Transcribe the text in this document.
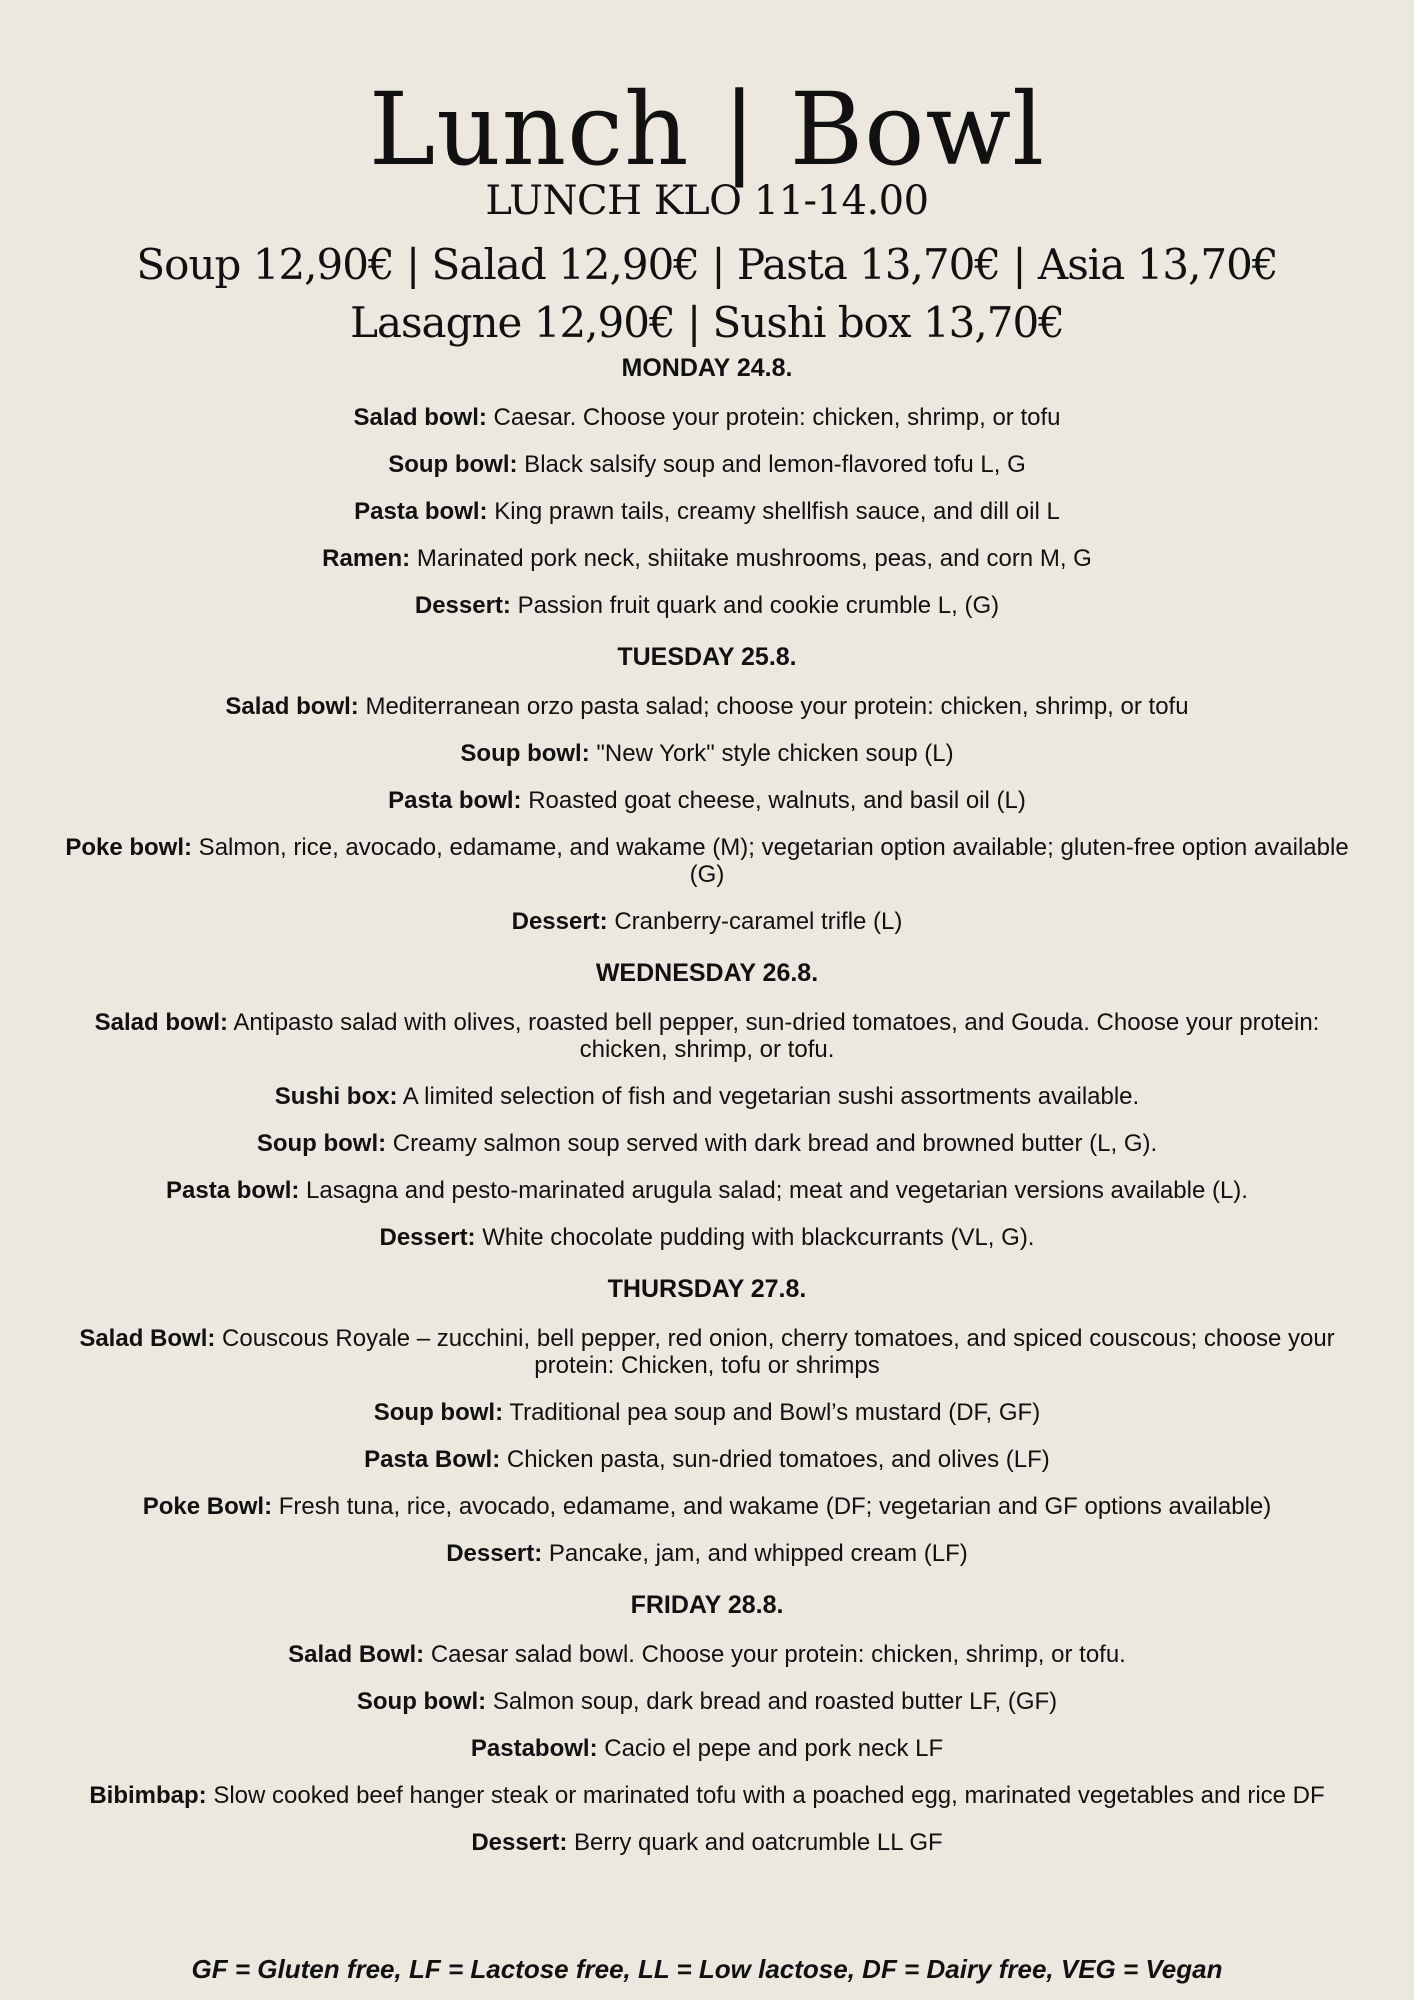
Lunch | Bowl
LUNCH KLO 11-14.00
Soup 12,90€ | Salad 12,90€ | Pasta 13,70€ | Asia 13,70€
Lasagne 12,90€ | Sushi box 13,70€
MONDAY 24.8.
Salad bowl: Caesar. Choose your protein: chicken, shrimp, or tofu
Soup bowl: Black salsify soup and lemon-flavored tofu L, G
Pasta bowl: King prawn tails, creamy shellfish sauce, and dill oil L
Ramen: Marinated pork neck, shiitake mushrooms, peas, and corn M, G
Dessert: Passion fruit quark and cookie crumble L, (G)
TUESDAY 25.8.
Salad bowl: Mediterranean orzo pasta salad; choose your protein: chicken, shrimp, or tofu
Soup bowl: "New York" style chicken soup (L)
Pasta bowl: Roasted goat cheese, walnuts, and basil oil (L)
Poke bowl: Salmon, rice, avocado, edamame, and wakame (M); vegetarian option available; gluten-free option available (G)
Dessert: Cranberry-caramel trifle (L)
WEDNESDAY 26.8.
Salad bowl: Antipasto salad with olives, roasted bell pepper, sun-dried tomatoes, and Gouda. Choose your protein: chicken, shrimp, or tofu.
Sushi box: A limited selection of fish and vegetarian sushi assortments available.
Soup bowl: Creamy salmon soup served with dark bread and browned butter (L, G).
Pasta bowl: Lasagna and pesto-marinated arugula salad; meat and vegetarian versions available (L).
Dessert: White chocolate pudding with blackcurrants (VL, G).
THURSDAY 27.8.
Salad Bowl: Couscous Royale – zucchini, bell pepper, red onion, cherry tomatoes, and spiced couscous; choose your protein: Chicken, tofu or shrimps
Soup bowl: Traditional pea soup and Bowl’s mustard (DF, GF)
Pasta Bowl: Chicken pasta, sun-dried tomatoes, and olives (LF)
Poke Bowl: Fresh tuna, rice, avocado, edamame, and wakame (DF; vegetarian and GF options available)
Dessert: Pancake, jam, and whipped cream (LF)
FRIDAY 28.8.
Salad Bowl: Caesar salad bowl. Choose your protein: chicken, shrimp, or tofu.
Soup bowl: Salmon soup, dark bread and roasted butter LF, (GF)
Pastabowl: Cacio el pepe and pork neck LF
Bibimbap: Slow cooked beef hanger steak or marinated tofu with a poached egg, marinated vegetables and rice DF
Dessert: Berry quark and oatcrumble LL GF
GF = Gluten free, LF = Lactose free, LL = Low lactose, DF = Dairy free, VEG = Vegan
